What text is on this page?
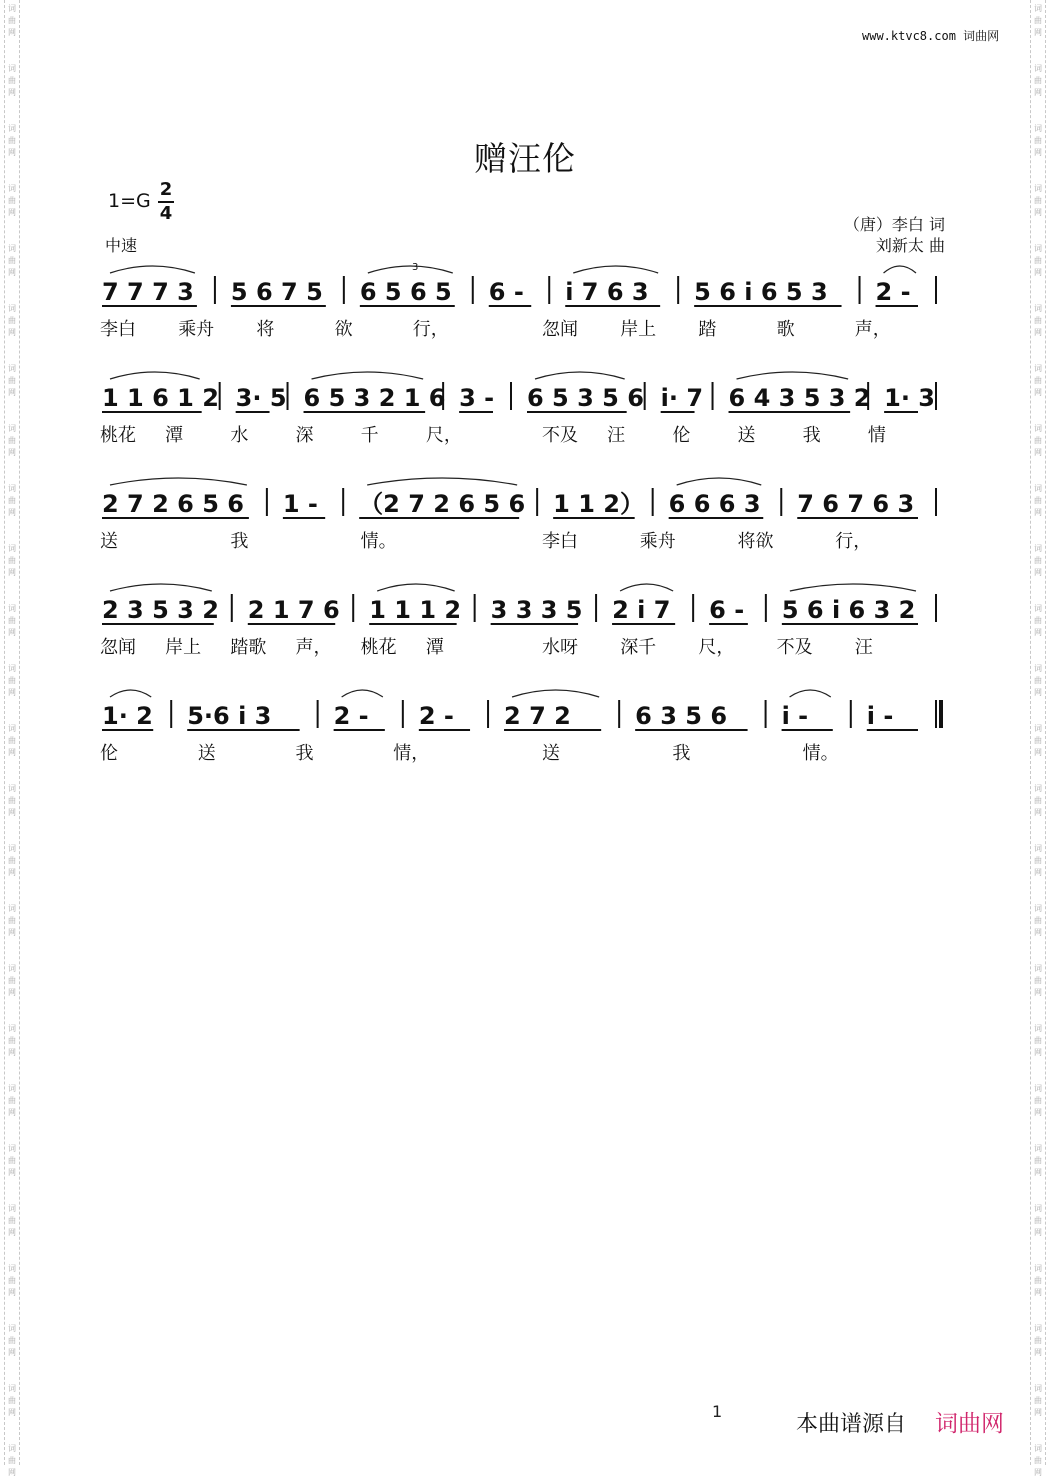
词
曲
网
词
曲
网
词
曲
网
词
曲
网
词
曲
网
词
曲
网
词
曲
网
词
曲
网
词
曲
网
词
曲
网
词
曲
网
词
曲
网
词
曲
网
词
曲
网
词
曲
网
词
曲
网
词
曲
网
词
曲
网
词
曲
网
词
曲
网
词
曲
网
词
曲
网
词
曲
网
词
曲
网
词
曲
网
词
曲
网
词
曲
网
词
曲
网
词
曲
网
词
曲
网
词
曲
网
词
曲
网
词
曲
网
词
曲
网
词
曲
网
词
曲
网
词
曲
网
词
曲
网
词
曲
网
词
曲
网
词
曲
网
词
曲
网
词
曲
网
词
曲
网
词
曲
网
词
曲
网
词
曲
网
词
曲
网
词
曲
网
词
曲
网
www.ktvc8.com 词曲网
赠汪伦
1=G
2
4
中速
（唐）李白 词
刘新太 曲
7 7 7 3 5 6 7 5 6 5 6 5 6 - i 7 6 3 5 6 i 6 5 3 2 -
李白 乘舟 将	欲	行，	忽闻 岸上 踏	歌	声，
1 1 6 1 2 3· 5 6 5 3 2 1 6 3 - 6 5 3 5 6 i· 7 6 4 3 5 3 2 1· 3
桃花 潭	水	深	千	尺，	不及 汪	伦	送	我	情
2 7 2 6 5 6 1 - （2 7 2 6 5 6 1 1 2） 6 6 6 3 7 6 7 6 3
送	我	情。	李白	乘舟	将欲	行，
2 3 5 3 2 2 1 7 6 1 1 1 2 3 3 3 5 2 i 7 6 - 5 6 i 6 3 2
忽闻 岸上 踏歌 声， 桃花 潭	水呀 深千 尺， 不及 汪
1· 2 5·6 i 3	2 - 2 - 2 7 2	6 3 5 6 i - i -
伦	送	我	情，	送	我	情。
3
1
本曲谱源自 词曲网
